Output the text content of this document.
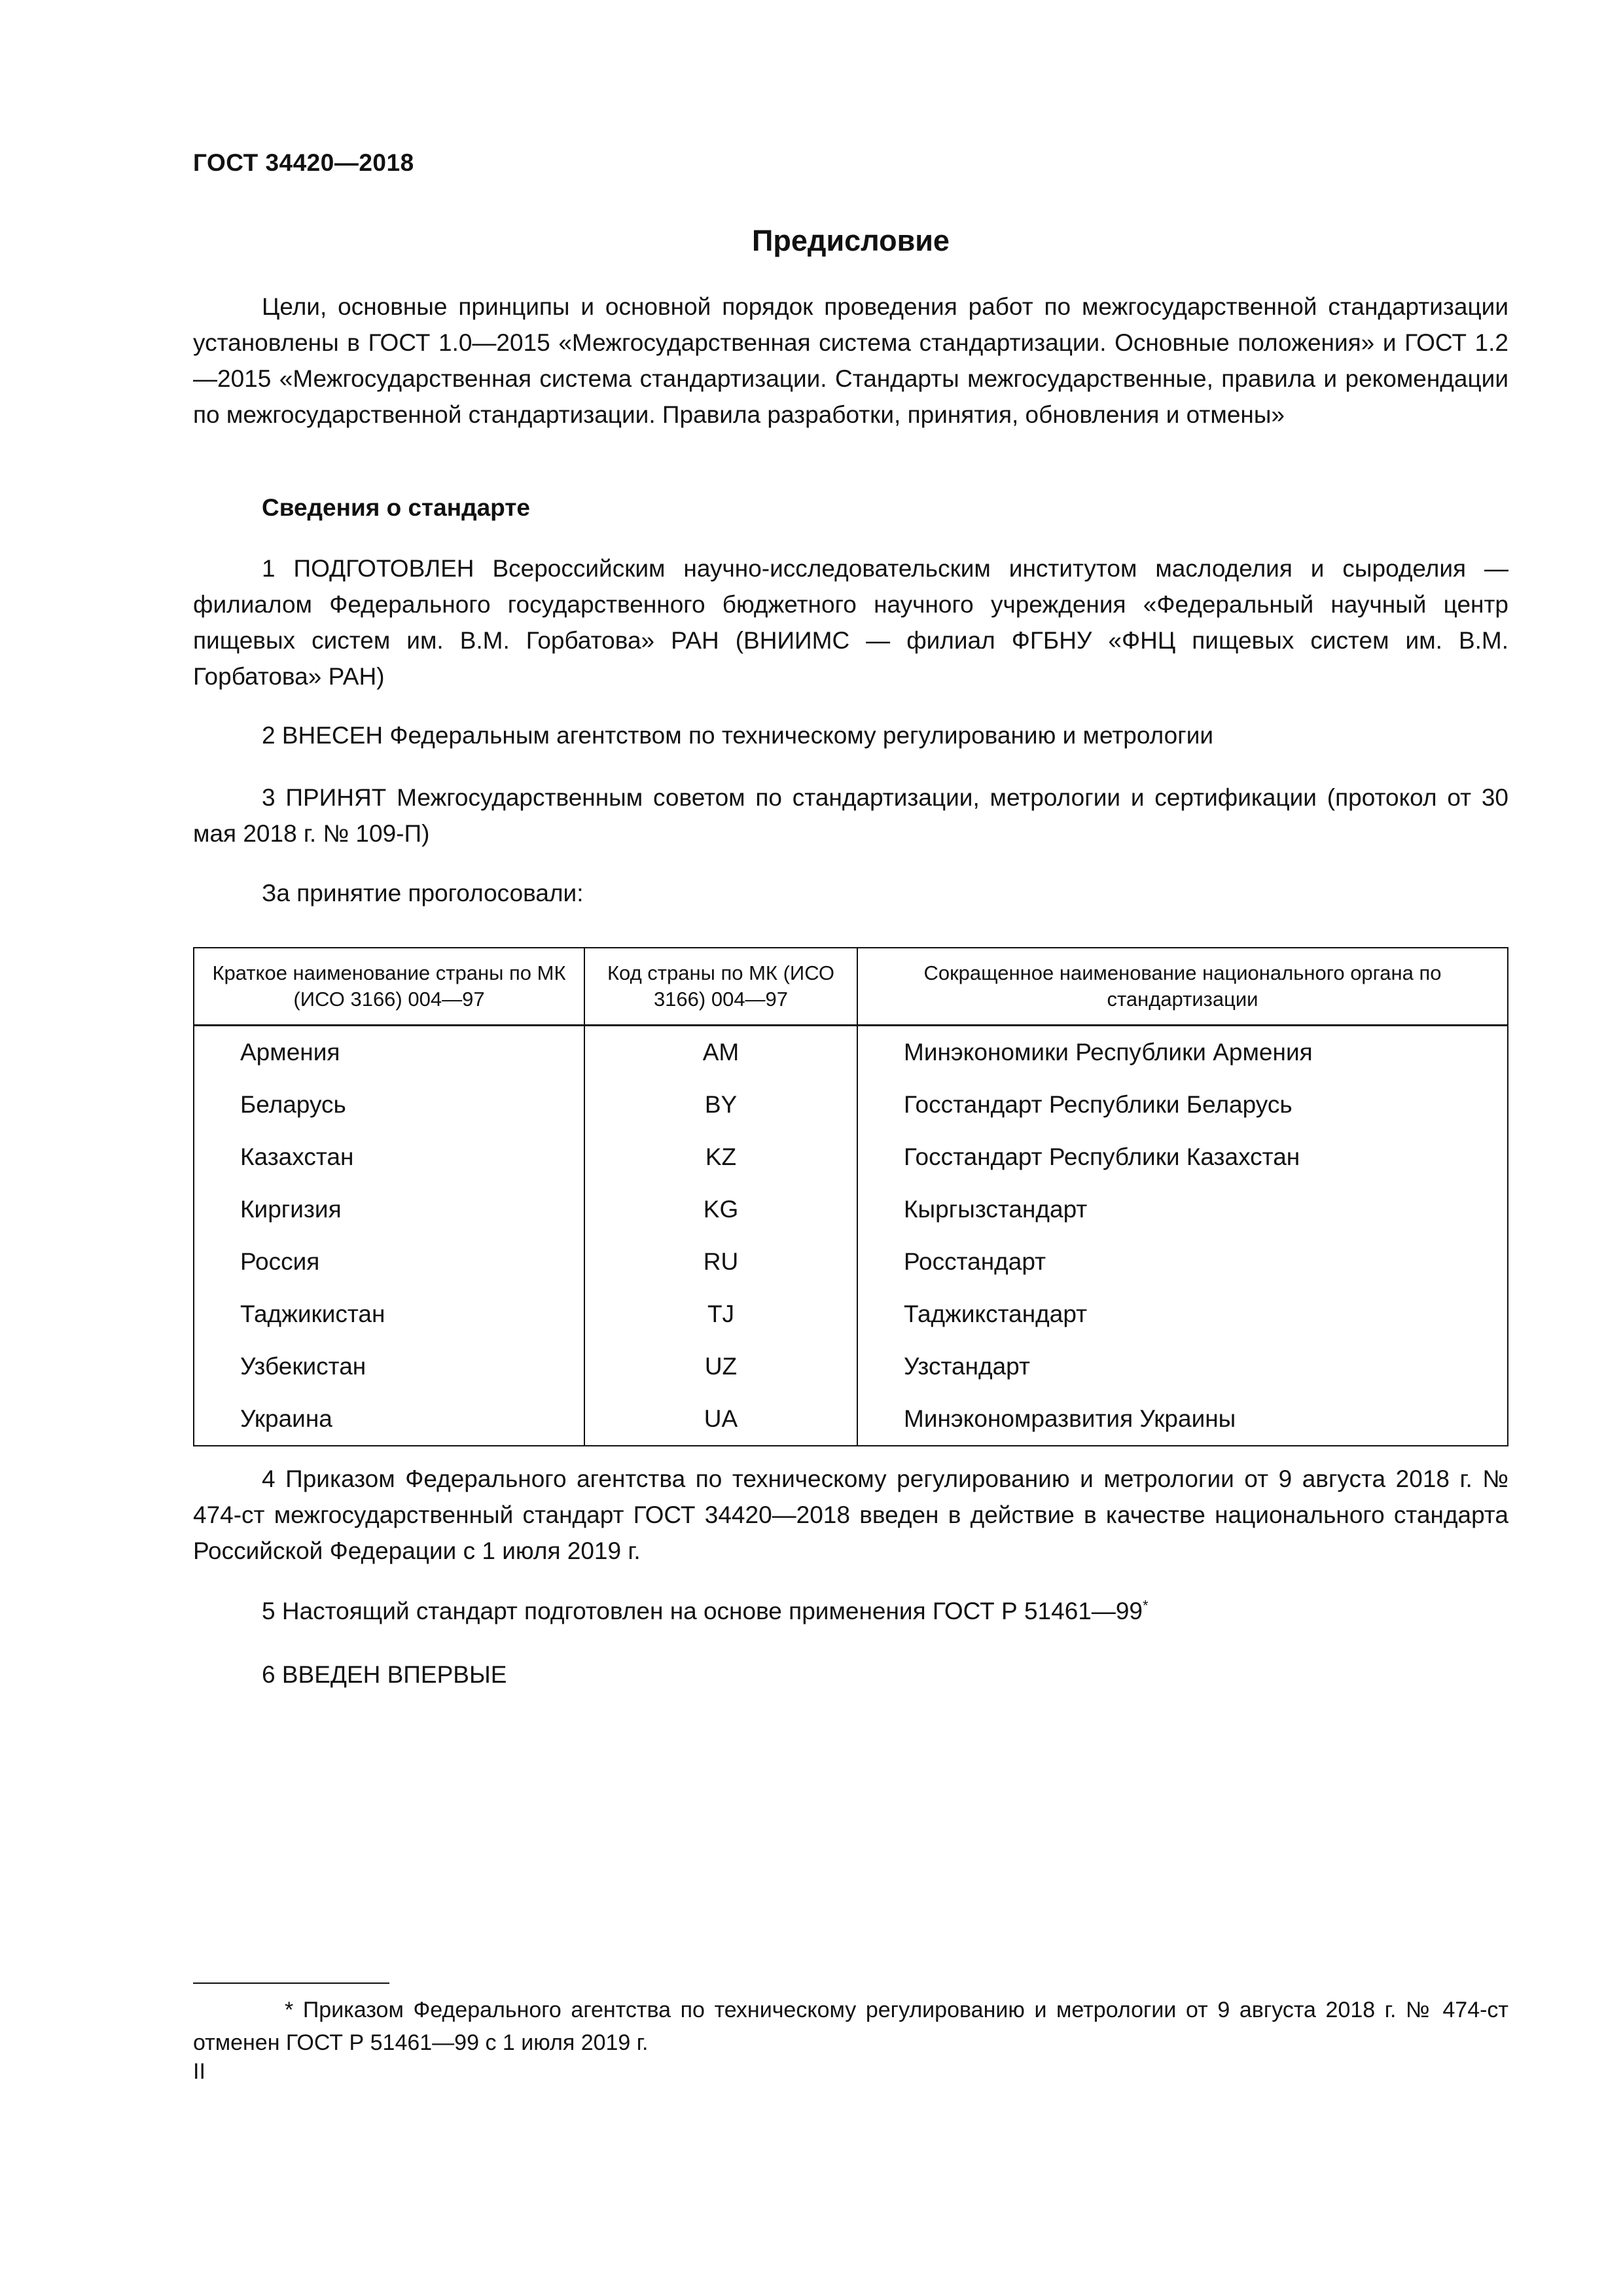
ГОСТ 34420—2018
Предисловие

Цели, основные принципы и основной порядок проведения работ по межгосударственной стандартизации установлены в ГОСТ 1.0—2015 «Межгосударственная система стандартизации. Основные положения» и ГОСТ 1.2—2015 «Межгосударственная система стандартизации. Стандарты межгосударственные, правила и рекомендации по межгосударственной стандартизации. Правила разработки, принятия, обновления и отмены»

Сведения о стандарте

1 ПОДГОТОВЛЕН Всероссийским научно-исследовательским институтом маслоделия и сыроделия — филиалом Федерального государственного бюджетного научного учреждения «Федеральный научный центр пищевых систем им. В.М. Горбатова» РАН (ВНИИМС — филиал ФГБНУ «ФНЦ пищевых систем им. В.М. Горбатова» РАН)

2 ВНЕСЕН Федеральным агентством по техническому регулированию и метрологии

3 ПРИНЯТ Межгосударственным советом по стандартизации, метрологии и сертификации (протокол от 30 мая 2018 г. № 109-П)

За принятие проголосовали:

Краткое наименование страны по МК (ИСО 3166) 004—97	Код страны по МК (ИСО 3166) 004—97	Сокращенное наименование национального органа по стандартизации
Армения	AM	Минэкономики Республики Армения
Беларусь	BY	Госстандарт Республики Беларусь
Казахстан	KZ	Госстандарт Республики Казахстан
Киргизия	KG	Кыргызстандарт
Россия	RU	Росстандарт
Таджикистан	TJ	Таджикстандарт
Узбекистан	UZ	Узстандарт
Украина	UA	Минэкономразвития Украины

4 Приказом Федерального агентства по техническому регулированию и метрологии от 9 августа 2018 г. № 474-ст межгосударственный стандарт ГОСТ 34420—2018 введен в действие в качестве национального стандарта Российской Федерации с 1 июля 2019 г.

5 Настоящий стандарт подготовлен на основе применения ГОСТ Р 51461—99*

6 ВВЕДЕН ВПЕРВЫЕ

* Приказом Федерального агентства по техническому регулированию и метрологии от 9 августа 2018 г. № 474-ст отменен ГОСТ Р 51461—99 с 1 июля 2019 г.

II
